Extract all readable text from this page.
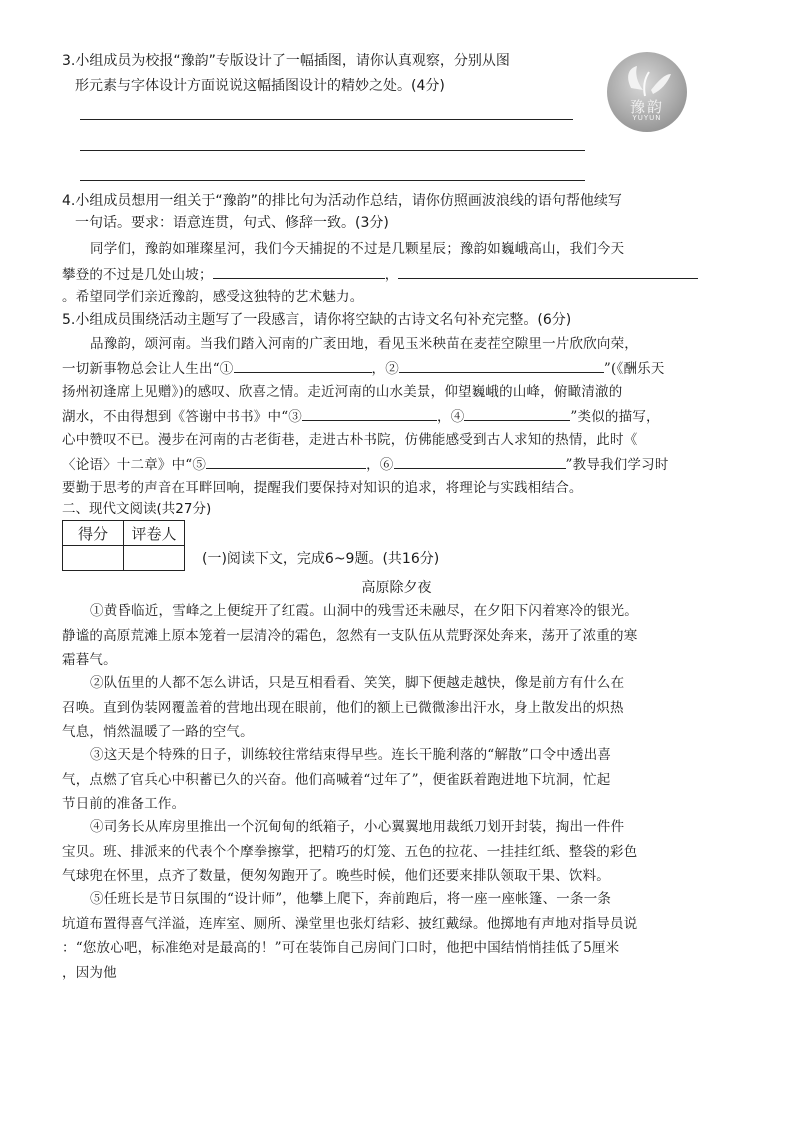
3.小组成员为校报“豫韵”专版设计了一幅插图，请你认真观察，分别从图
形元素与字体设计方面说说这幅插图设计的精妙之处。(4分)
豫韵
YUYUN
4.小组成员想用一组关于“豫韵”的排比句为活动作总结，请你仿照画波浪线的语句帮他续写
一句话。要求：语意连贯，句式、修辞一致。(3分)
同学们，豫韵如璀璨星河，我们今天捕捉的不过是几颗星辰；豫韵如巍峨高山，我们今天
攀登的不过是几处山坡；	，
。希望同学们亲近豫韵，感受这独特的艺术魅力。
5.小组成员围绕活动主题写了一段感言，请你将空缺的古诗文名句补充完整。(6分)
品豫韵，颂河南。当我们踏入河南的广袤田地，看见玉米秧苗在麦茬空隙里一片欣欣向荣，
一切新事物总会让人生出“①	，②	”(《酬乐天
扬州初逢席上见赠》)的感叹、欣喜之情。走近河南的山水美景，仰望巍峨的山峰，俯瞰清澈的
湖水，不由得想到《答谢中书书》中“③	，④	”类似的描写，
心中赞叹不已。漫步在河南的古老街巷，走进古朴书院，仿佛能感受到古人求知的热情，此时《
〈论语〉十二章》中“⑤	，⑥	”教导我们学习时
要勤于思考的声音在耳畔回响，提醒我们要保持对知识的追求，将理论与实践相结合。
二、现代文阅读(共27分)
得分	评卷人

(一)阅读下文，完成6~9题。(共16分)
高原除夕夜
①黄昏临近，雪峰之上便绽开了红霞。山洞中的残雪还未融尽，在夕阳下闪着寒冷的银光。
静谧的高原荒滩上原本笼着一层清冷的霜色，忽然有一支队伍从荒野深处奔来，荡开了浓重的寒
霜暮气。
②队伍里的人都不怎么讲话，只是互相看看、笑笑，脚下便越走越快，像是前方有什么在
召唤。直到伪装网覆盖着的营地出现在眼前，他们的额上已微微渗出汗水，身上散发出的炽热
气息，悄然温暖了一路的空气。
③这天是个特殊的日子，训练较往常结束得早些。连长干脆利落的“解散”口令中透出喜
气，点燃了官兵心中积蓄已久的兴奋。他们高喊着“过年了”，便雀跃着跑进地下坑洞，忙起
节日前的准备工作。
④司务长从库房里推出一个沉甸甸的纸箱子，小心翼翼地用裁纸刀划开封装，掏出一件件
宝贝。班、排派来的代表个个摩拳擦掌，把精巧的灯笼、五色的拉花、一挂挂红纸、整袋的彩色
气球兜在怀里，点齐了数量，便匆匆跑开了。晚些时候，他们还要来排队领取干果、饮料。
⑤任班长是节日氛围的“设计师”，他攀上爬下，奔前跑后，将一座一座帐篷、一条一条
坑道布置得喜气洋溢，连库室、厕所、澡堂里也张灯结彩、披红戴绿。他掷地有声地对指导员说
：“您放心吧，标准绝对是最高的！”可在装饰自己房间门口时，他把中国结悄悄挂低了5厘米
，因为他
